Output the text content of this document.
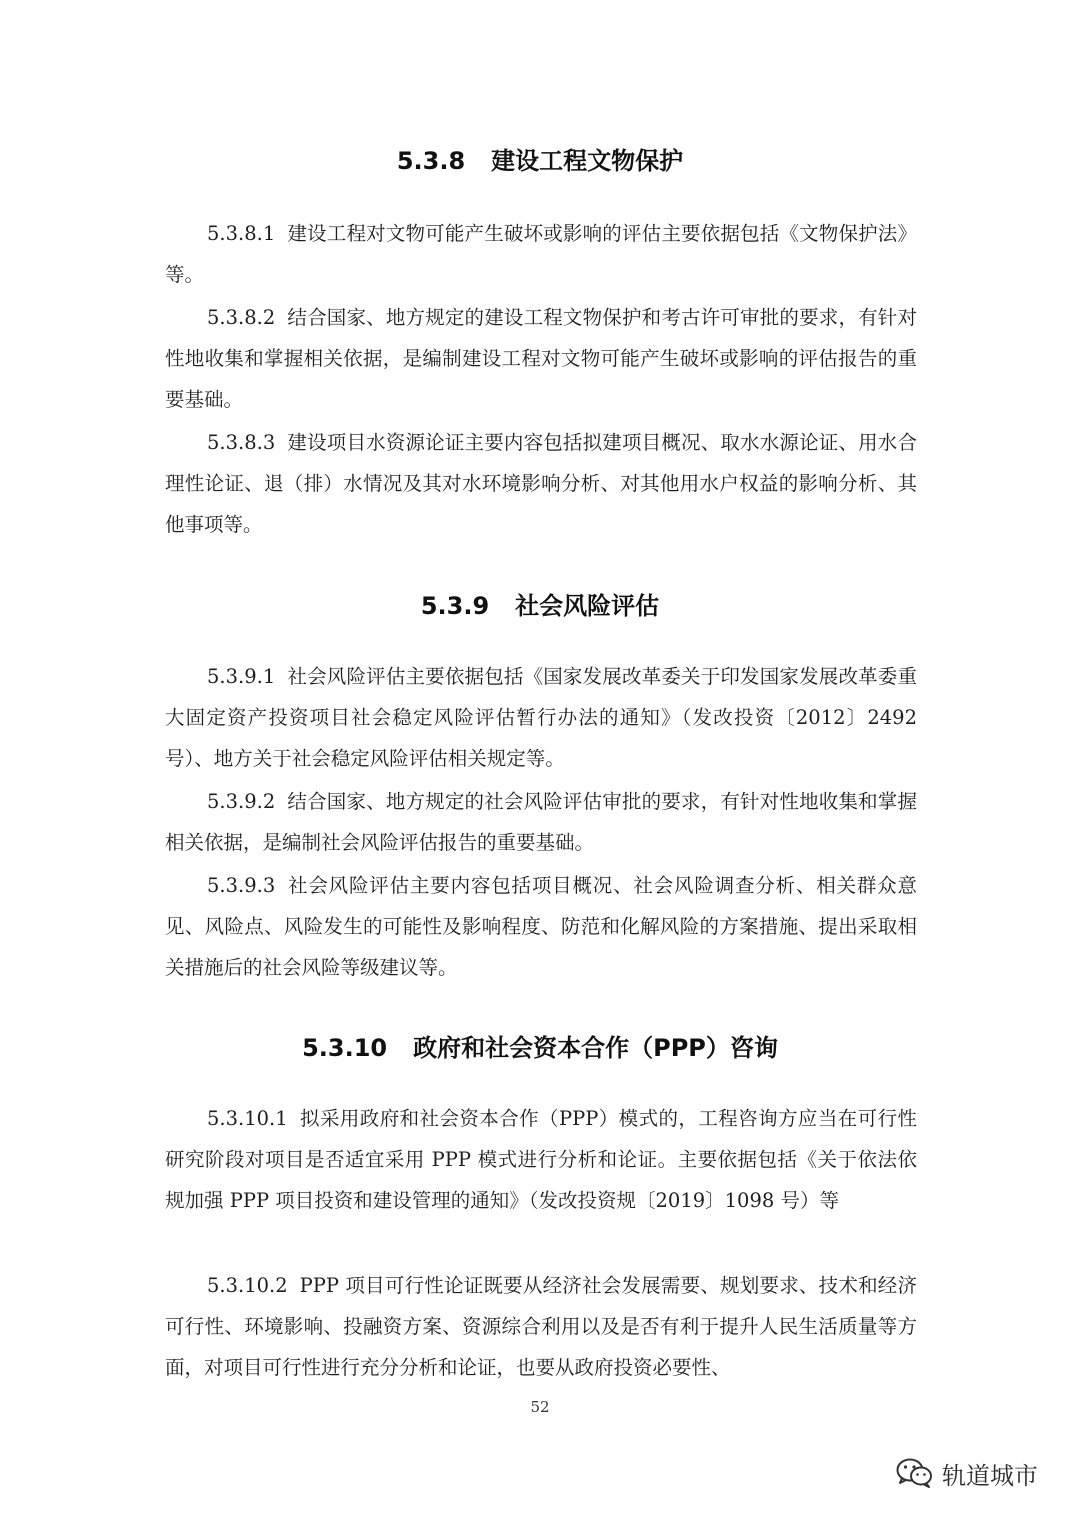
5.3.8 建设工程文物保护
5.3.8.1 建设工程对文物可能产生破坏或影响的评估主要依据包括《文物保护法》等。
5.3.8.2 结合国家、地方规定的建设工程文物保护和考古许可审批的要求，有针对性地收集和掌握相关依据，是编制建设工程对文物可能产生破坏或影响的评估报告的重要基础。
5.3.8.3 建设项目水资源论证主要内容包括拟建项目概况、取水水源论证、用水合理性论证、退（排）水情况及其对水环境影响分析、对其他用水户权益的影响分析、其他事项等。
5.3.9 社会风险评估
5.3.9.1 社会风险评估主要依据包括《国家发展改革委关于印发国家发展改革委重大固定资产投资项目社会稳定风险评估暂行办法的通知》（发改投资〔2012〕2492 号）、地方关于社会稳定风险评估相关规定等。
5.3.9.2 结合国家、地方规定的社会风险评估审批的要求，有针对性地收集和掌握相关依据，是编制社会风险评估报告的重要基础。
5.3.9.3 社会风险评估主要内容包括项目概况、社会风险调查分析、相关群众意见、风险点、风险发生的可能性及影响程度、防范和化解风险的方案措施、提出采取相关措施后的社会风险等级建议等。
5.3.10 政府和社会资本合作（PPP）咨询
5.3.10.1 拟采用政府和社会资本合作（PPP）模式的，工程咨询方应当在可行性研究阶段对项目是否适宜采用 PPP 模式进行分析和论证。主要依据包括《关于依法依规加强 PPP 项目投资和建设管理的通知》（发改投资规〔2019〕1098 号）等
5.3.10.2 PPP 项目可行性论证既要从经济社会发展需要、规划要求、技术和经济可行性、环境影响、投融资方案、资源综合利用以及是否有利于提升人民生活质量等方面，对项目可行性进行充分分析和论证，也要从政府投资必要性、
52
轨道城市
